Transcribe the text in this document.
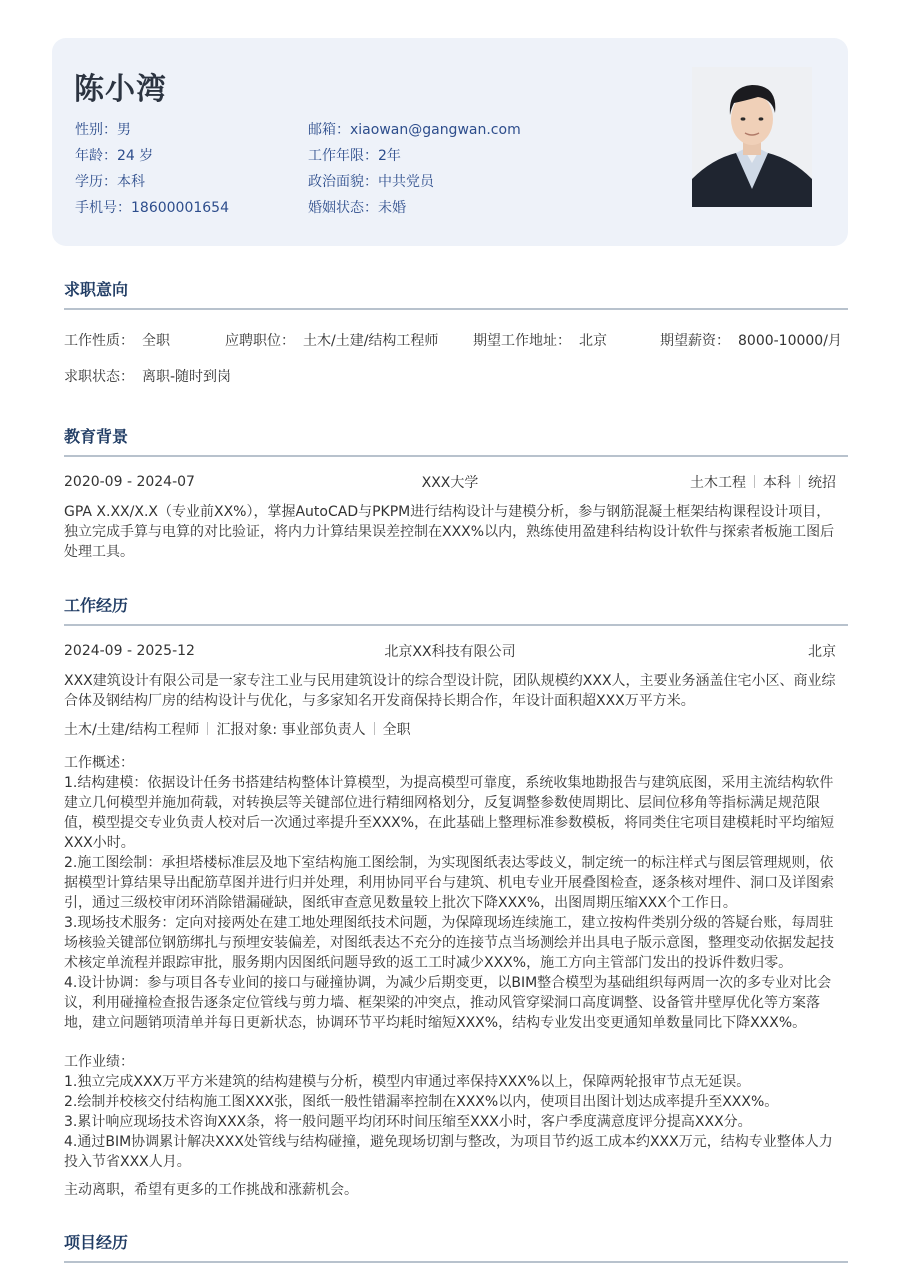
陈小湾
性别：男
年龄：24 岁
学历：本科
手机号：18600001654
邮箱：xiaowan@gangwan.com
工作年限：2年
政治面貌：中共党员
婚姻状态：未婚
求职意向
工作性质： 全职	应聘职位： 土木/土建/结构工程师 期望工作地址： 北京	期望薪资： 8000-10000/月
求职状态： 离职-随时到岗
教育背景
2020-09 - 2024-07	XXX大学	土木工程 本科 统招

GPA X.XX/X.X（专业前XX%），掌握AutoCAD与PKPM进行结构设计与建模分析，参与钢筋混凝土框架结构课程设计项目，

独立完成手算与电算的对比验证，将内力计算结果误差控制在XXX%以内，熟练使用盈建科结构设计软件与探索者板施工图后

处理工具。

工作经历
2024-09 - 2025-12	北京XX科技有限公司	北京

XXX建筑设计有限公司是一家专注工业与民用建筑设计的综合型设计院，团队规模约XXX人，主要业务涵盖住宅小区、商业综

合体及钢结构厂房的结构设计与优化，与多家知名开发商保持长期合作，年设计面积超XXX万平方米。

土木/土建/结构工程师 汇报对象: 事业部负责人 全职

工作概述：

1.结构建模：依据设计任务书搭建结构整体计算模型，为提高模型可靠度，系统收集地勘报告与建筑底图，采用主流结构软件

建立几何模型并施加荷载，对转换层等关键部位进行精细网格划分，反复调整参数使周期比、层间位移角等指标满足规范限

值，模型提交专业负责人校对后一次通过率提升至XXX%，在此基础上整理标准参数模板，将同类住宅项目建模耗时平均缩短

XXX小时。

2.施工图绘制：承担塔楼标准层及地下室结构施工图绘制，为实现图纸表达零歧义，制定统一的标注样式与图层管理规则，依

据模型计算结果导出配筋草图并进行归并处理，利用协同平台与建筑、机电专业开展叠图检查，逐条核对埋件、洞口及详图索

引，通过三级校审闭环消除错漏碰缺，图纸审查意见数量较上批次下降XXX%，出图周期压缩XXX个工作日。

3.现场技术服务：定向对接两处在建工地处理图纸技术问题，为保障现场连续施工，建立按构件类别分级的答疑台账，每周驻

场核验关键部位钢筋绑扎与预埋安装偏差，对图纸表达不充分的连接节点当场测绘并出具电子版示意图，整理变动依据发起技

术核定单流程并跟踪审批，服务期内因图纸问题导致的返工工时减少XXX%，施工方向主管部门发出的投诉件数归零。

4.设计协调：参与项目各专业间的接口与碰撞协调，为减少后期变更，以BIM整合模型为基础组织每两周一次的多专业对比会

议，利用碰撞检查报告逐条定位管线与剪力墙、框架梁的冲突点，推动风管穿梁洞口高度调整、设备管井壁厚优化等方案落

地，建立问题销项清单并每日更新状态，协调环节平均耗时缩短XXX%，结构专业发出变更通知单数量同比下降XXX%。

工作业绩：

1.独立完成XXX万平方米建筑的结构建模与分析，模型内审通过率保持XXX%以上，保障两轮报审节点无延误。

2.绘制并校核交付结构施工图XXX张，图纸一般性错漏率控制在XXX%以内，使项目出图计划达成率提升至XXX%。

3.累计响应现场技术咨询XXX条，将一般问题平均闭环时间压缩至XXX小时，客户季度满意度评分提高XXX分。

4.通过BIM协调累计解决XXX处管线与结构碰撞，避免现场切割与整改，为项目节约返工成本约XXX万元，结构专业整体人力

投入节省XXX人月。

主动离职，希望有更多的工作挑战和涨薪机会。

项目经历
